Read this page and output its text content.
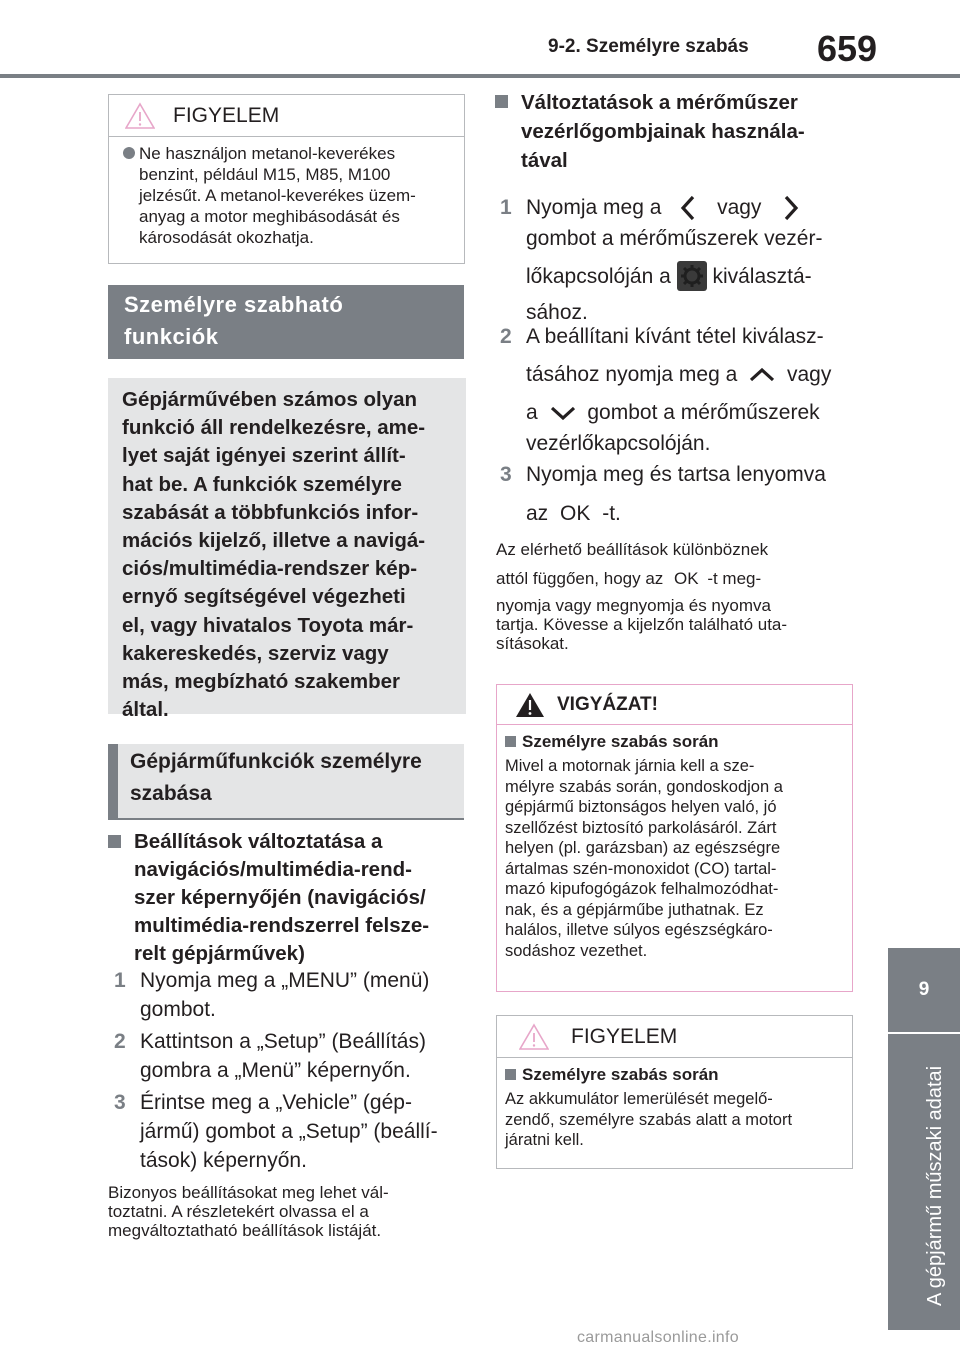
9-2. Személyre szabás 659
9
A gépjármű műszaki adatai
FIGYELEM
Ne használjon metanol-keverékes
benzint, például M15, M85, M100
jelzésűt. A metanol-keverékes üzem-
anyag a motor meghibásodását és
károsodását okozhatja.
Személyre szabható
funkciók
Gépjárművében számos olyan
funkció áll rendelkezésre, ame-
lyet saját igényei szerint állít-
hat be. A funkciók személyre
szabását a többfunkciós infor-
mációs kijelző, illetve a navigá-
ciós/multimédia-rendszer kép-
ernyő segítségével végezheti
el, vagy hivatalos Toyota már-
kakereskedés, szerviz vagy
más, megbízható szakember
által.
Gépjárműfunkciók személyre
szabása
Beállítások változtatása a
navigációs/multimédia-rend-
szer képernyőjén (navigációs/
multimédia-rendszerrel felsze-
relt gépjárművek)
1 Nyomja meg a „MENU” (menü)
gombot.
2 Kattintson a „Setup” (Beállítás)
gombra a „Menü” képernyőn.
3 Érintse meg a „Vehicle” (gép-
jármű) gombot a „Setup” (beállí-
tások) képernyőn.
Bizonyos beállításokat meg lehet vál-
toztatni. A részletekért olvassa el a
megváltoztatható beállítások listáját.
Változtatások a mérőműszer
vezérlőgombjainak használa-
tával
1 Nyomja meg a	vagy
gombot a mérőműszerek vezér-
lőkapcsolóján a kiválasztá-
sához.
2 A beállítani kívánt tétel kiválasz-
tásához nyomja meg a vagy
a gombot a mérőműszerek
vezérlőkapcsolóján.
3 Nyomja meg és tartsa lenyomva
az OK -t.
Az elérhető beállítások különböznek
attól függően, hogy az OK -t meg-
nyomja vagy megnyomja és nyomva
tartja. Kövesse a kijelzőn található uta-
sításokat.
VIGYÁZAT!
Személyre szabás során
Mivel a motornak járnia kell a sze-
mélyre szabás során, gondoskodjon a
gépjármű biztonságos helyen való, jó
szellőzést biztosító parkolásáról. Zárt
helyen (pl. garázsban) az egészségre
ártalmas szén-monoxidot (CO) tartal-
mazó kipufogógázok felhalmozódhat-
nak, és a gépjárműbe juthatnak. Ez
halálos, illetve súlyos egészségkáro-
sodáshoz vezethet.
FIGYELEM
Személyre szabás során
Az akkumulátor lemerülését megelő-
zendő, személyre szabás alatt a motort
járatni kell.
carmanualsonline.info
